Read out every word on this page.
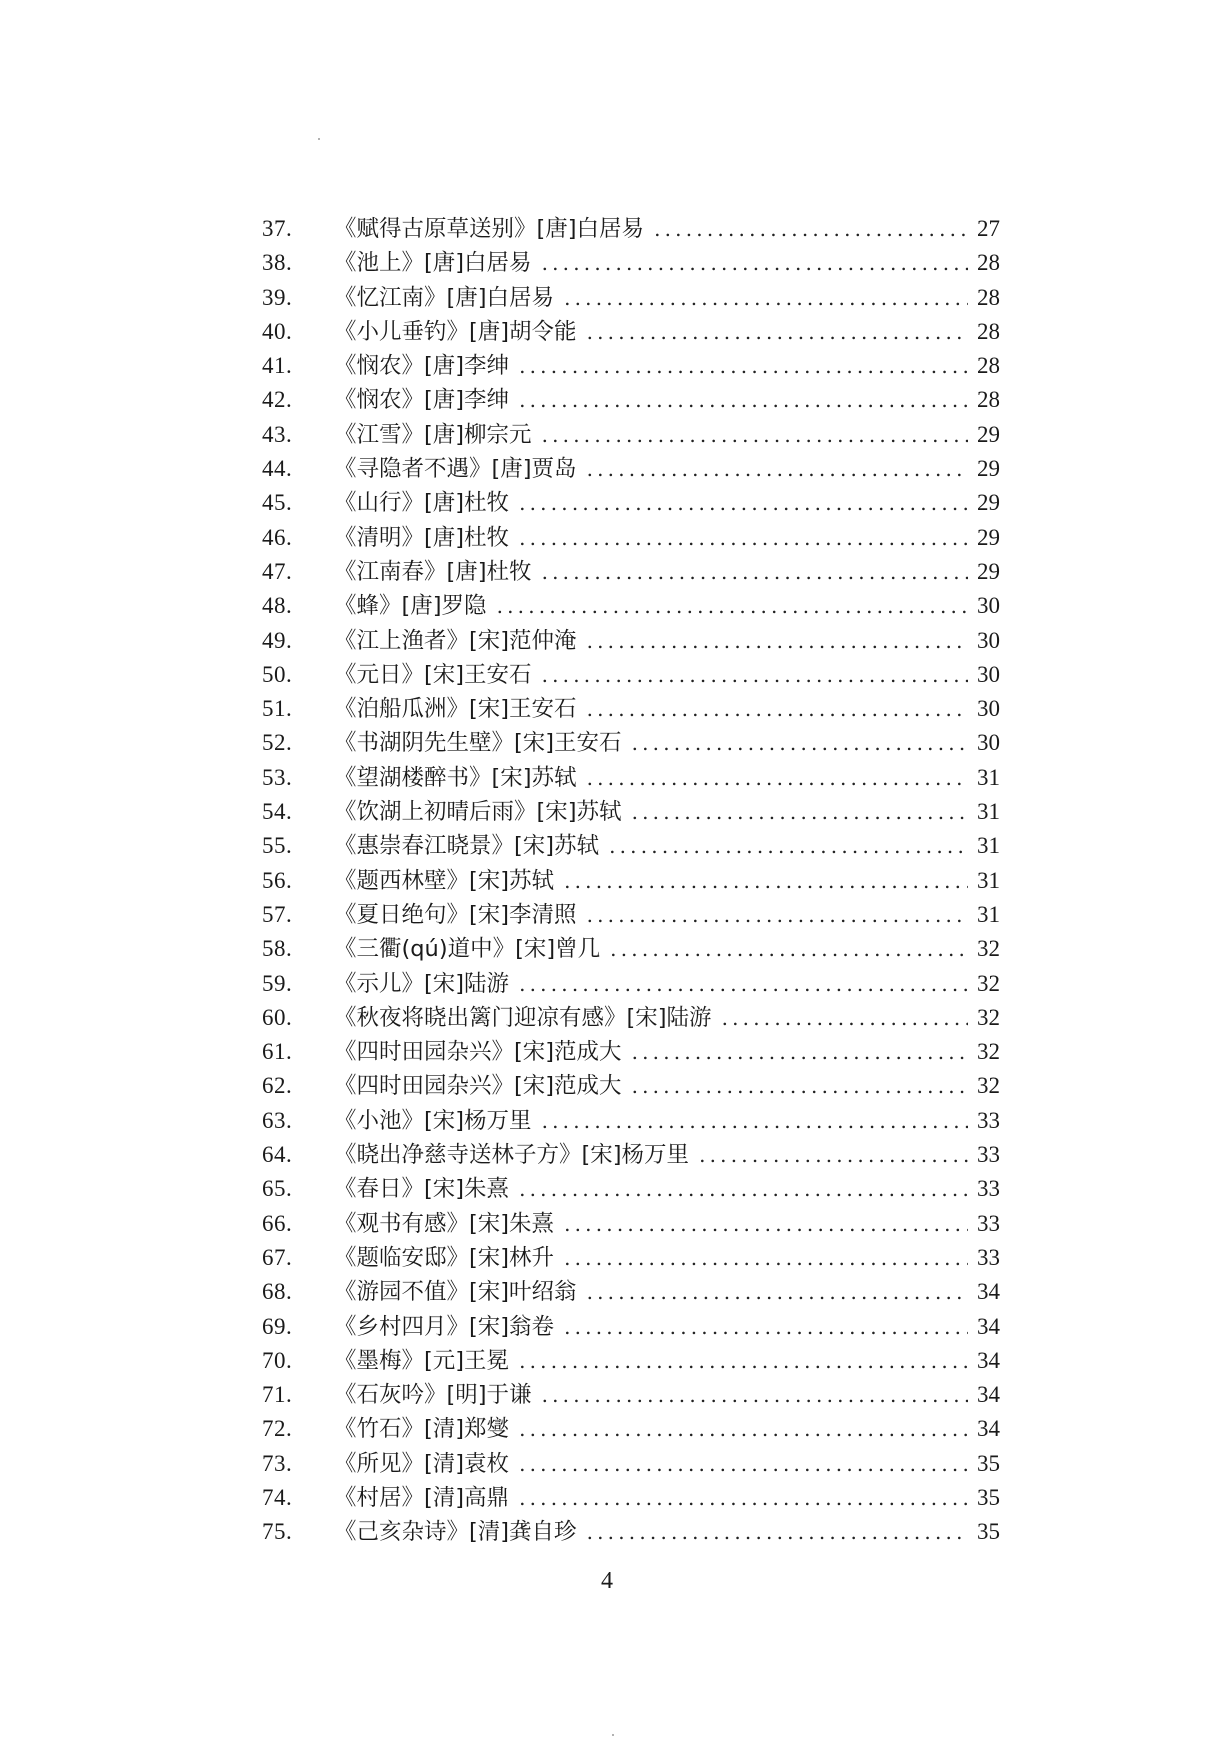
37.	《赋得古原草送别》[唐]白居易 .....	27
38.	《池上》[唐]白居易 .....	28
39.	《忆江南》[唐]白居易 .....	28
40.	《小儿垂钓》[唐]胡令能 .....	28
41.	《悯农》[唐]李绅 .....	28
42.	《悯农》[唐]李绅 .....	28
43.	《江雪》[唐]柳宗元 .....	29
44.	《寻隐者不遇》[唐]贾岛 .....	29
45.	《山行》[唐]杜牧 .....	29
46.	《清明》[唐]杜牧 .....	29
47.	《江南春》[唐]杜牧 .....	29
48.	《蜂》[唐]罗隐 .....	30
49.	《江上渔者》[宋]范仲淹 .....	30
50.	《元日》[宋]王安石 .....	30
51.	《泊船瓜洲》[宋]王安石 .....	30
52.	《书湖阴先生壁》[宋]王安石 .....	30
53.	《望湖楼醉书》[宋]苏轼 .....	31
54.	《饮湖上初晴后雨》[宋]苏轼 .....	31
55.	《惠崇春江晓景》[宋]苏轼 .....	31
56.	《题西林壁》[宋]苏轼 .....	31
57.	《夏日绝句》[宋]李清照 .....	31
58.	《三衢(qú)道中》[宋]曾几 .....	32
59.	《示儿》[宋]陆游 .....	32
60.	《秋夜将晓出篱门迎凉有感》[宋]陆游 .....	32
61.	《四时田园杂兴》[宋]范成大 .....	32
62.	《四时田园杂兴》[宋]范成大 .....	32
63.	《小池》[宋]杨万里 .....	33
64.	《晓出净慈寺送林子方》[宋]杨万里 .....	33
65.	《春日》[宋]朱熹 .....	33
66.	《观书有感》[宋]朱熹 .....	33
67.	《题临安邸》[宋]林升 .....	33
68.	《游园不值》[宋]叶绍翁 .....	34
69.	《乡村四月》[宋]翁卷 .....	34
70.	《墨梅》[元]王冕 .....	34
71.	《石灰吟》[明]于谦 .....	34
72.	《竹石》[清]郑燮 .....	34
73.	《所见》[清]袁枚 .....	35
74.	《村居》[清]高鼎 .....	35
75.	《己亥杂诗》[清]龚自珍 .....	35
4
